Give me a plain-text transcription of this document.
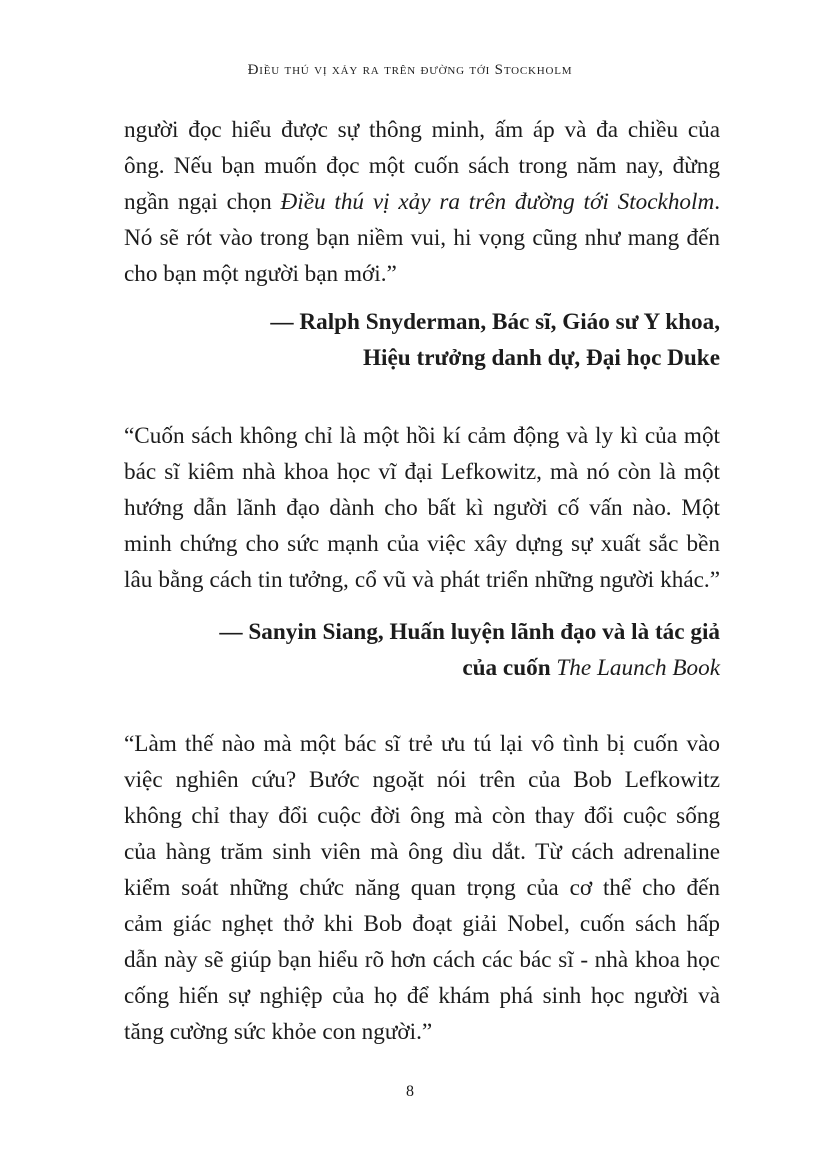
Điều thú vị xảy ra trên đường tới Stockholm
người đọc hiểu được sự thông minh, ấm áp và đa chiều của
ông. Nếu bạn muốn đọc một cuốn sách trong năm nay, đừng
ngần ngại chọn Điều thú vị xảy ra trên đường tới Stockholm.
Nó sẽ rót vào trong bạn niềm vui, hi vọng cũng như mang đến
cho bạn một người bạn mới.”
— Ralph Snyderman, Bác sĩ, Giáo sư Y khoa,
Hiệu trưởng danh dự, Đại học Duke
“Cuốn sách không chỉ là một hồi kí cảm động và ly kì của một
bác sĩ kiêm nhà khoa học vĩ đại Lefkowitz, mà nó còn là một
hướng dẫn lãnh đạo dành cho bất kì người cố vấn nào. Một
minh chứng cho sức mạnh của việc xây dựng sự xuất sắc bền
lâu bằng cách tin tưởng, cổ vũ và phát triển những người khác.”
— Sanyin Siang, Huấn luyện lãnh đạo và là tác giả
của cuốn The Launch Book
“Làm thế nào mà một bác sĩ trẻ ưu tú lại vô tình bị cuốn vào
việc nghiên cứu? Bước ngoặt nói trên của Bob Lefkowitz
không chỉ thay đổi cuộc đời ông mà còn thay đổi cuộc sống
của hàng trăm sinh viên mà ông dìu dắt. Từ cách adrenaline
kiểm soát những chức năng quan trọng của cơ thể cho đến
cảm giác nghẹt thở khi Bob đoạt giải Nobel, cuốn sách hấp
dẫn này sẽ giúp bạn hiểu rõ hơn cách các bác sĩ - nhà khoa học
cống hiến sự nghiệp của họ để khám phá sinh học người và
tăng cường sức khỏe con người.”
8
